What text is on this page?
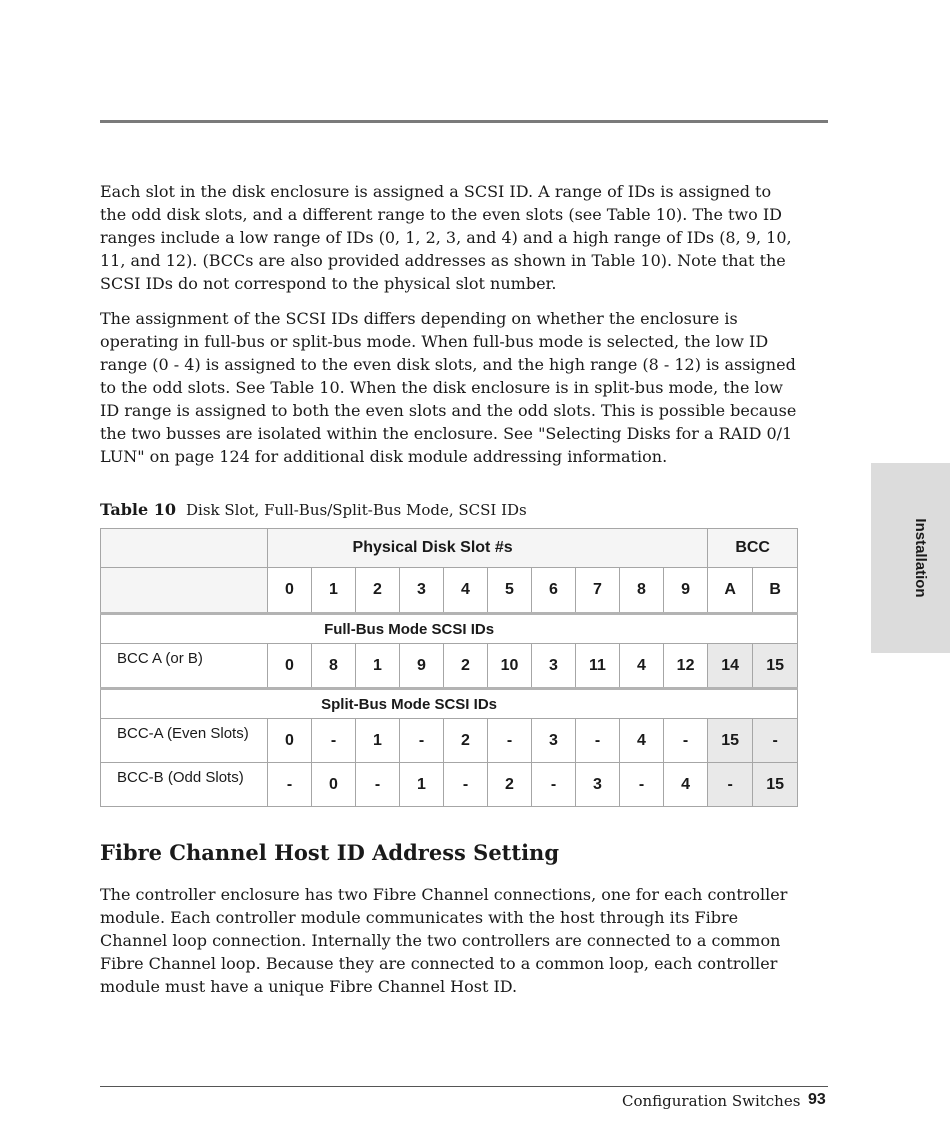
Each slot in the disk enclosure is assigned a SCSI ID. A range of IDs is assigned to the odd disk slots, and a different range to the even slots (see Table 10). The two ID ranges include a low range of IDs (0, 1, 2, 3, and 4) and a high range of IDs (8, 9, 10, 11, and 12). (BCCs are also provided addresses as shown in Table 10). Note that the SCSI IDs do not correspond to the physical slot number.

The assignment of the SCSI IDs differs depending on whether the enclosure is operating in full-bus or split-bus mode. When full-bus mode is selected, the low ID range (0 - 4) is assigned to the even disk slots, and the high range (8 - 12) is assigned to the odd slots. See Table 10. When the disk enclosure is in split-bus mode, the low ID range is assigned to both the even slots and the odd slots. This is possible because the two busses are isolated within the enclosure. See "Selecting Disks for a RAID 0/1 LUN" on page 124 for additional disk module addressing information.

Installation
Table 10 Disk Slot, Full-Bus/Split-Bus Mode, SCSI IDs
	Physical Disk Slot #s										BCC	
	0	1	2	3	4	5	6	7	8	9	A	B
Full-Bus Mode SCSI IDs												
BCC A (or B)	0	8	1	9	2	10	3	11	4	12	14	15
Split-Bus Mode SCSI IDs												
BCC-A (Even Slots)	0	-	1	-	2	-	3	-	4	-	15	-
BCC-B (Odd Slots)	-	0	-	1	-	2	-	3	-	4	-	15
Fibre Channel Host ID Address Setting

The controller enclosure has two Fibre Channel connections, one for each controller module. Each controller module communicates with the host through its Fibre Channel loop connection. Internally the two controllers are connected to a common Fibre Channel loop. Because they are connected to a common loop, each controller module must have a unique Fibre Channel Host ID.

Configuration Switches 93
